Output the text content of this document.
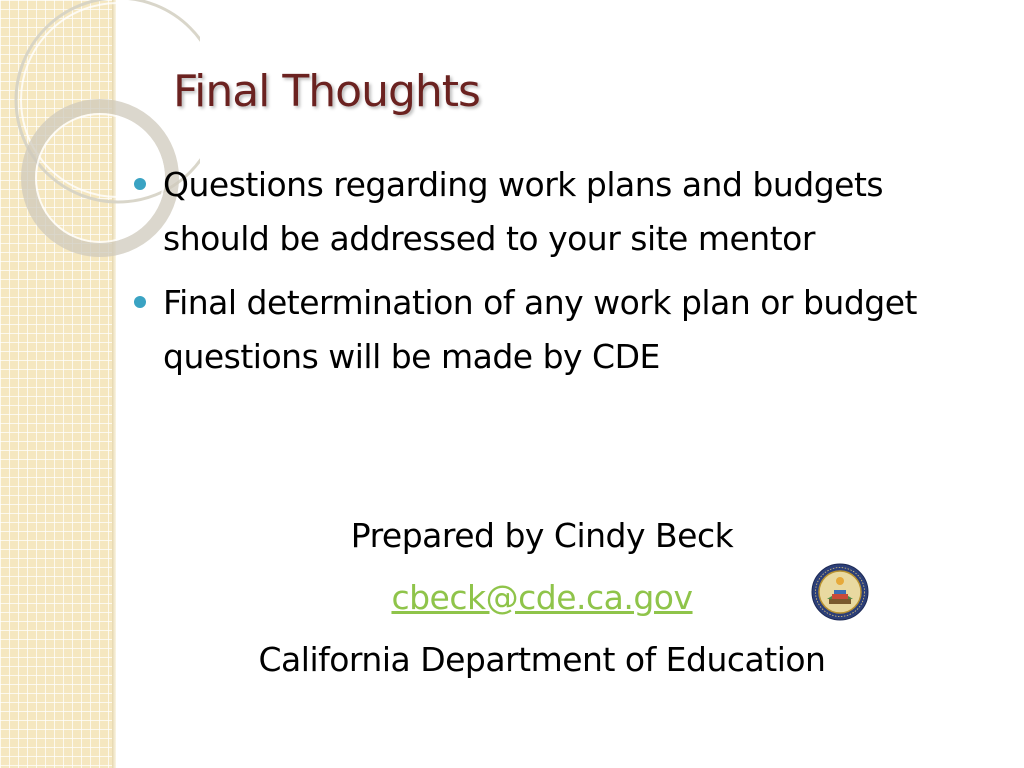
Final Thoughts
Questions regarding work plans and budgets should be addressed to your site mentor
Final determination of any work plan or budget questions will be made by CDE
Prepared by Cindy Beck
cbeck@cde.ca.gov
California Department of Education
